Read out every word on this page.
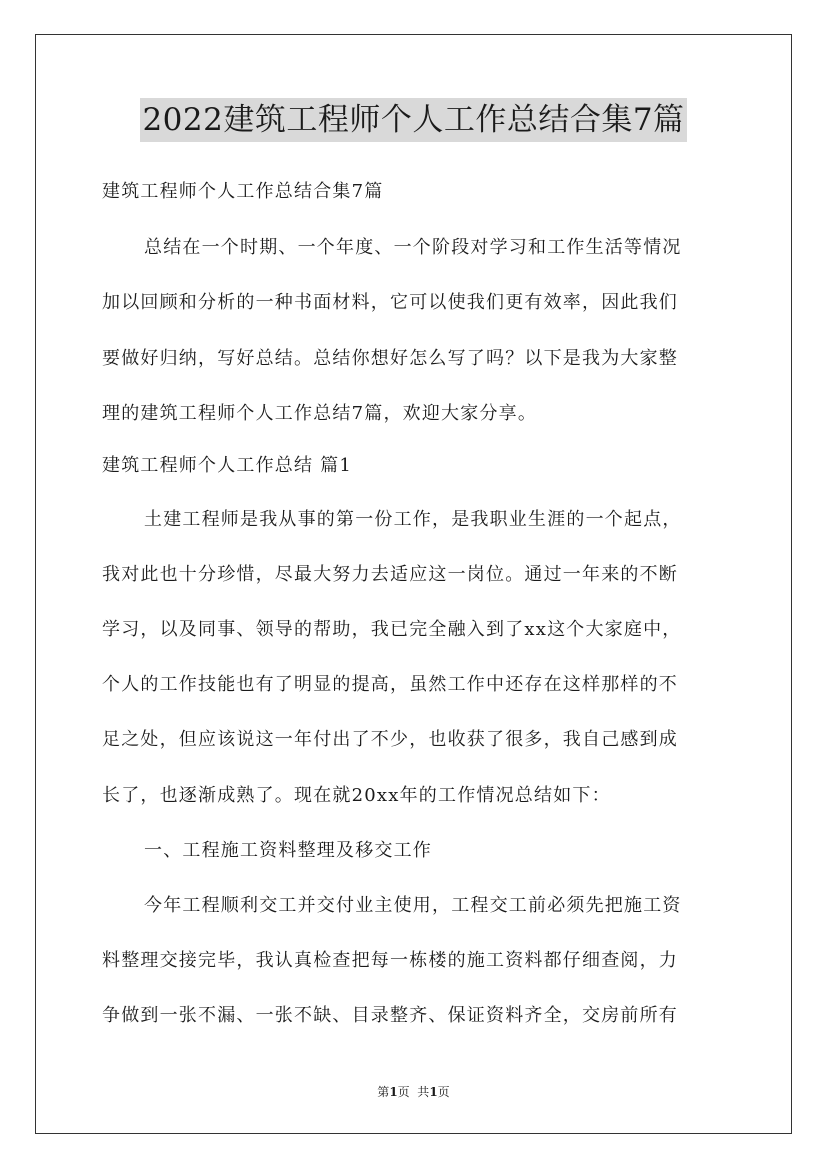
2022建筑工程师个人工作总结合集7篇
建筑工程师个人工作总结合集7篇
总结在一个时期、一个年度、一个阶段对学习和工作生活等情况
加以回顾和分析的一种书面材料，它可以使我们更有效率，因此我们
要做好归纳，写好总结。总结你想好怎么写了吗？以下是我为大家整
理的建筑工程师个人工作总结7篇，欢迎大家分享。
建筑工程师个人工作总结 篇1
土建工程师是我从事的第一份工作，是我职业生涯的一个起点，
我对此也十分珍惜，尽最大努力去适应这一岗位。通过一年来的不断
学习，以及同事、领导的帮助，我已完全融入到了xx这个大家庭中，
个人的工作技能也有了明显的提高，虽然工作中还存在这样那样的不
足之处，但应该说这一年付出了不少，也收获了很多，我自己感到成
长了，也逐渐成熟了。现在就20xx年的工作情况总结如下：
一、工程施工资料整理及移交工作
今年工程顺利交工并交付业主使用，工程交工前必须先把施工资
料整理交接完毕，我认真检查把每一栋楼的施工资料都仔细查阅，力
争做到一张不漏、一张不缺、目录整齐、保证资料齐全，交房前所有
第1页  共1页
